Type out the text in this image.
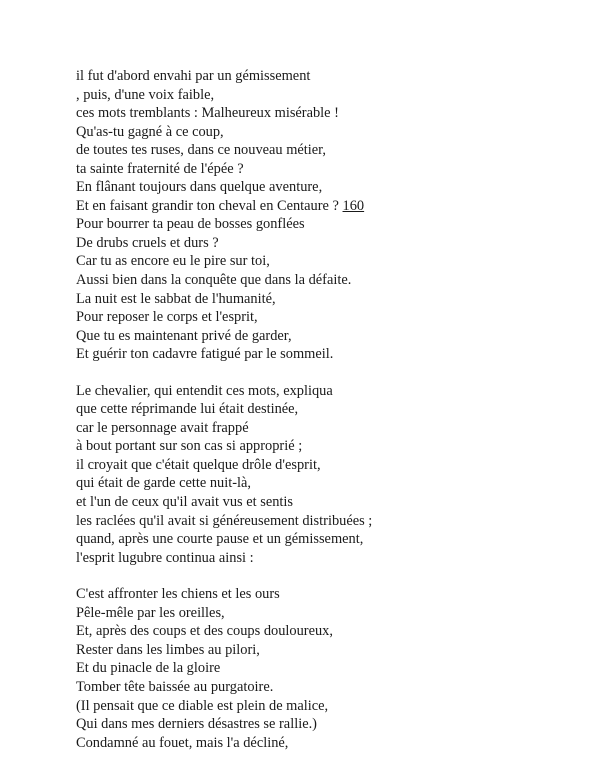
il fut d'abord envahi par un gémissement
, puis, d'une voix faible,
ces mots tremblants : Malheureux misérable !
Qu'as-tu gagné à ce coup,
de toutes tes ruses, dans ce nouveau métier,
ta sainte fraternité de l'épée ?
En flânant toujours dans quelque aventure,
Et en faisant grandir ton cheval en Centaure ? 160
Pour bourrer ta peau de bosses gonflées
De drubs cruels et durs ?
Car tu as encore eu le pire sur toi,
Aussi bien dans la conquête que dans la défaite.
La nuit est le sabbat de l'humanité,
Pour reposer le corps et l'esprit,
Que tu es maintenant privé de garder,
Et guérir ton cadavre fatigué par le sommeil.

Le chevalier, qui entendit ces mots, expliqua
que cette réprimande lui était destinée,
car le personnage avait frappé
à bout portant sur son cas si approprié ;
il croyait que c'était quelque drôle d'esprit,
qui était de garde cette nuit-là,
et l'un de ceux qu'il avait vus et sentis
les raclées qu'il avait si généreusement distribuées ;
quand, après une courte pause et un gémissement,
l'esprit lugubre continua ainsi :

C'est affronter les chiens et les ours
Pêle-mêle par les oreilles,
Et, après des coups et des coups douloureux,
Rester dans les limbes au pilori,
Et du pinacle de la gloire
Tomber tête baissée au purgatoire.
(Il pensait que ce diable est plein de malice,
Qui dans mes derniers désastres se rallie.)
Condamné au fouet, mais l'a décliné,
